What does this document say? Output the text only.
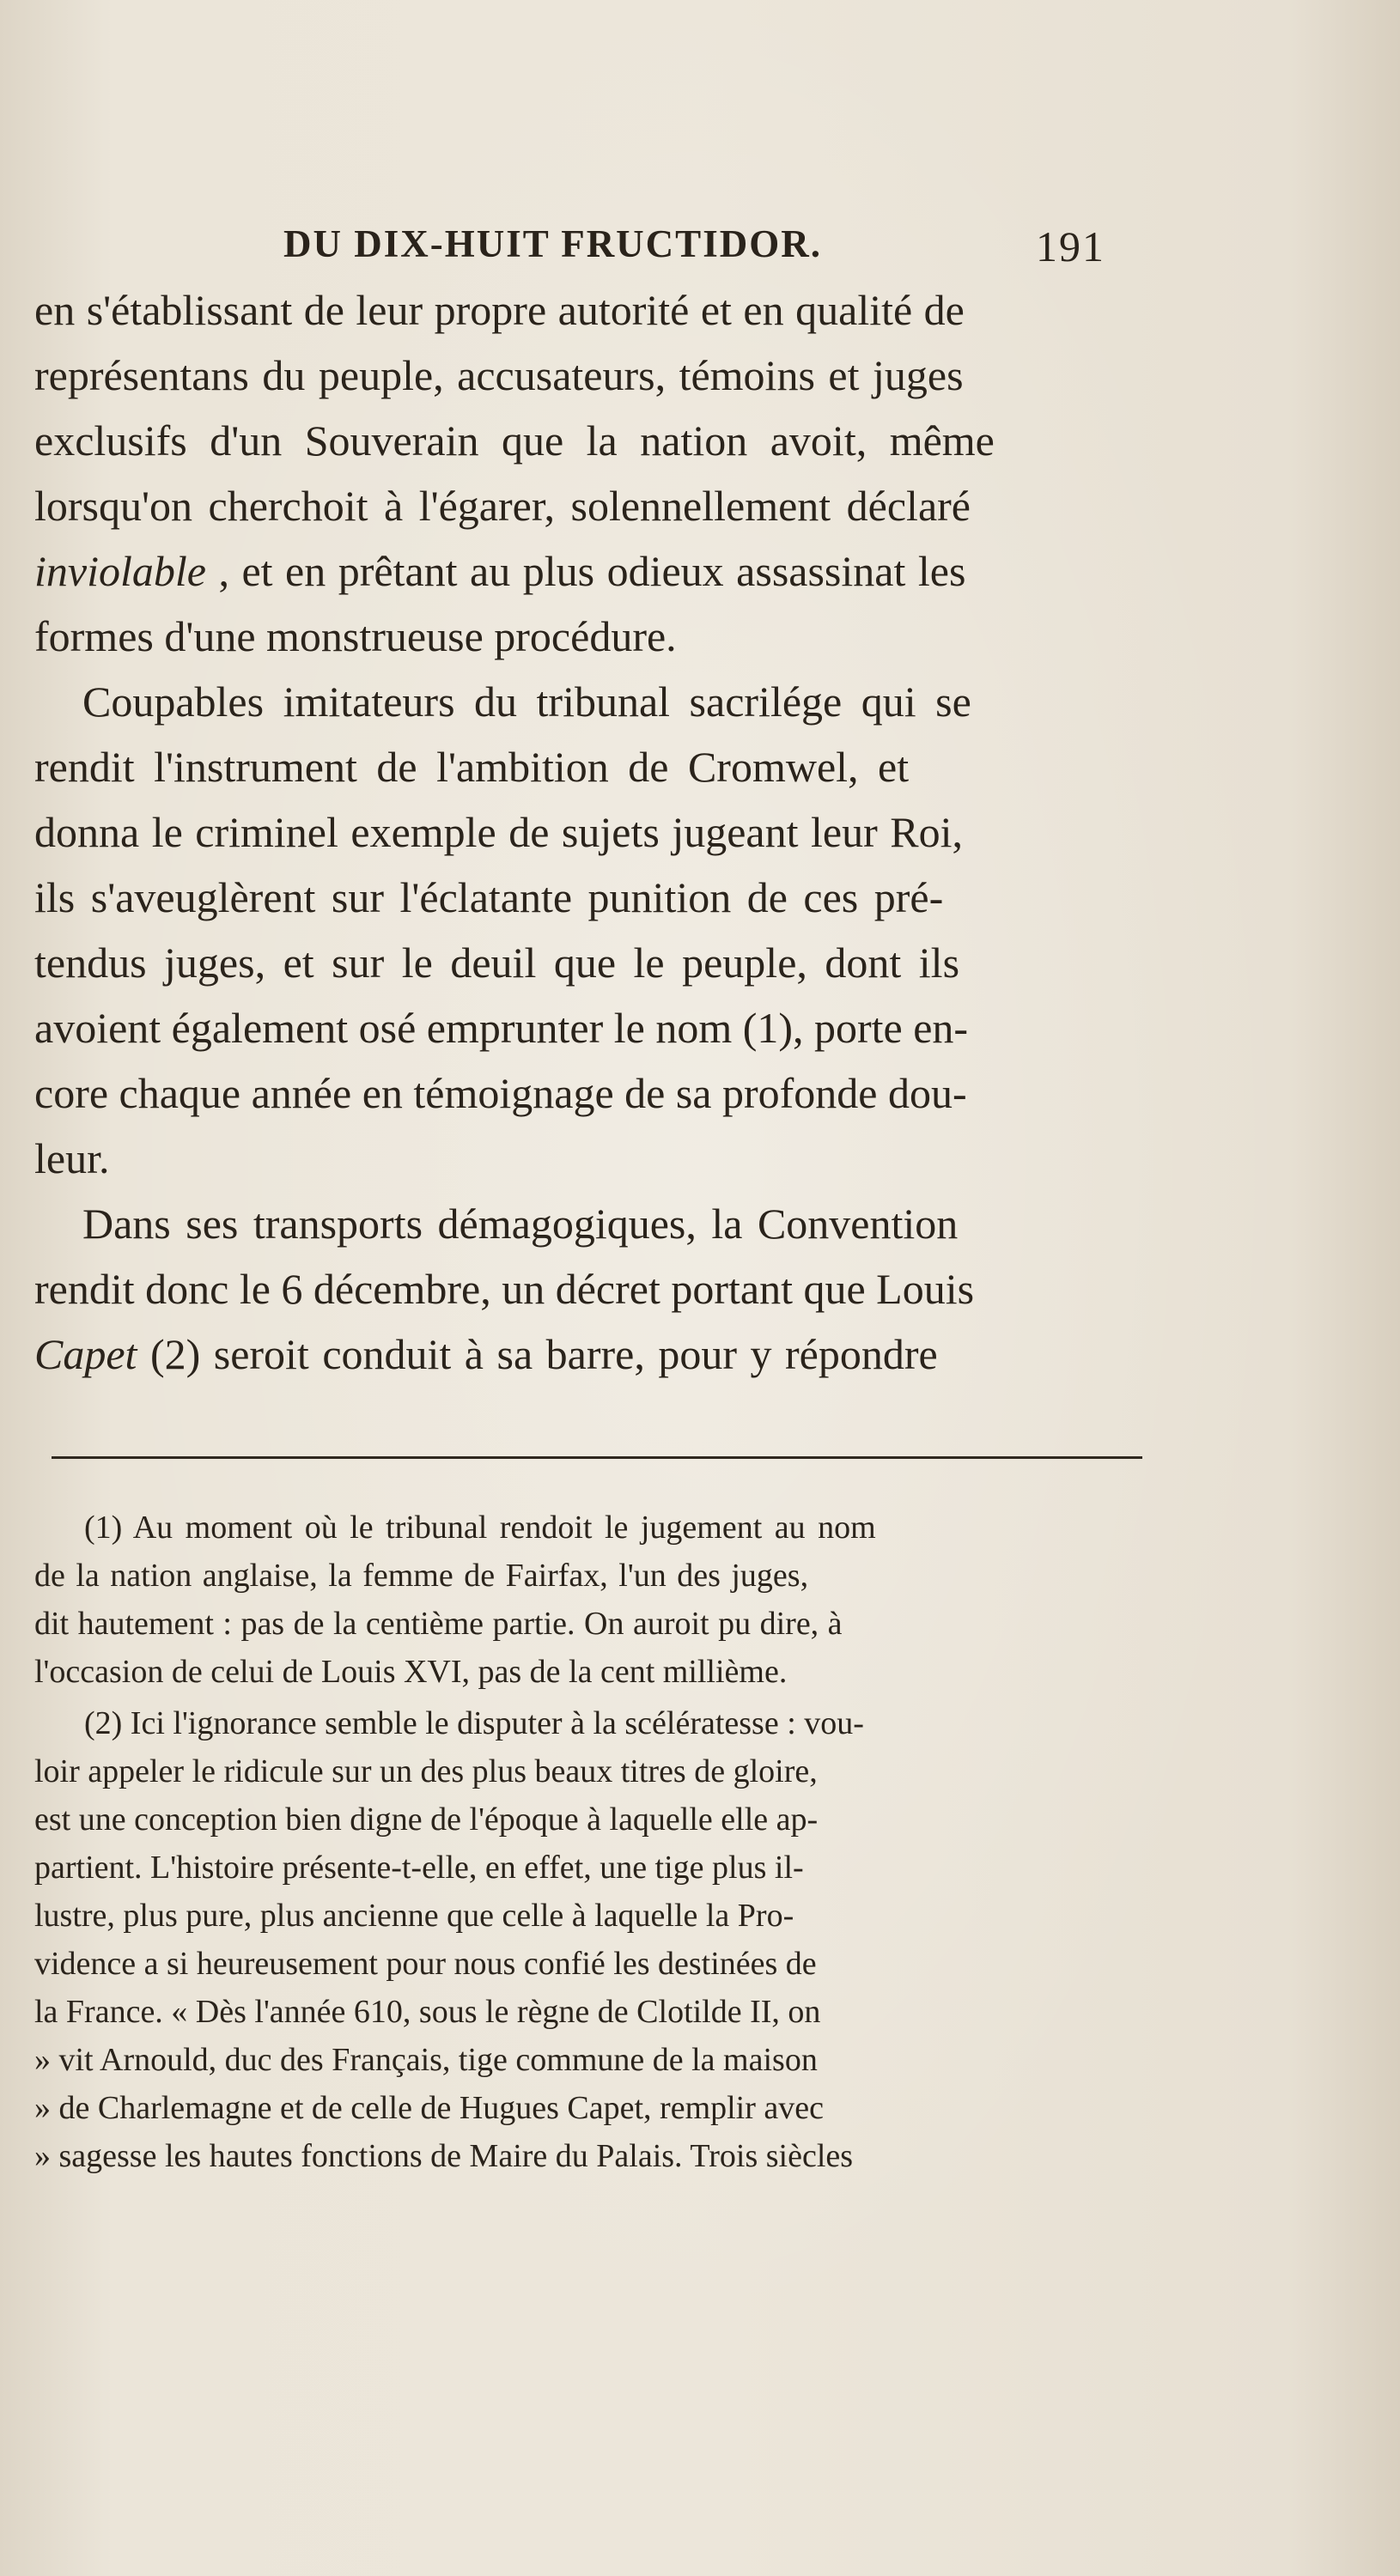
DU DIX-HUIT FRUCTIDOR.	191
en s'établissant de leur propre autorité et en qualité de
représentans du peuple, accusateurs, témoins et juges
exclusifs d'un Souverain que la nation avoit, même
lorsqu'on cherchoit à l'égarer, solennellement déclaré
inviolable , et en prêtant au plus odieux assassinat les
formes d'une monstrueuse procédure.
Coupables imitateurs du tribunal sacrilége qui se
rendit l'instrument de l'ambition de Cromwel, et
donna le criminel exemple de sujets jugeant leur Roi,
ils s'aveuglèrent sur l'éclatante punition de ces pré-
tendus juges, et sur le deuil que le peuple, dont ils
avoient également osé emprunter le nom (1), porte en-
core chaque année en témoignage de sa profonde dou-
leur.
Dans ses transports démagogiques, la Convention
rendit donc le 6 décembre, un décret portant que Louis
Capet (2) seroit conduit à sa barre, pour y répondre
(1) Au moment où le tribunal rendoit le jugement au nom
de la nation anglaise, la femme de Fairfax, l'un des juges,
dit hautement : pas de la centième partie. On auroit pu dire, à
l'occasion de celui de Louis XVI, pas de la cent millième.
(2) Ici l'ignorance semble le disputer à la scélératesse : vou-
loir appeler le ridicule sur un des plus beaux titres de gloire,
est une conception bien digne de l'époque à laquelle elle ap-
partient. L'histoire présente-t-elle, en effet, une tige plus il-
lustre, plus pure, plus ancienne que celle à laquelle la Pro-
vidence a si heureusement pour nous confié les destinées de
la France. « Dès l'année 610, sous le règne de Clotilde II, on
» vit Arnould, duc des Français, tige commune de la maison
» de Charlemagne et de celle de Hugues Capet, remplir avec
» sagesse les hautes fonctions de Maire du Palais. Trois siècles
